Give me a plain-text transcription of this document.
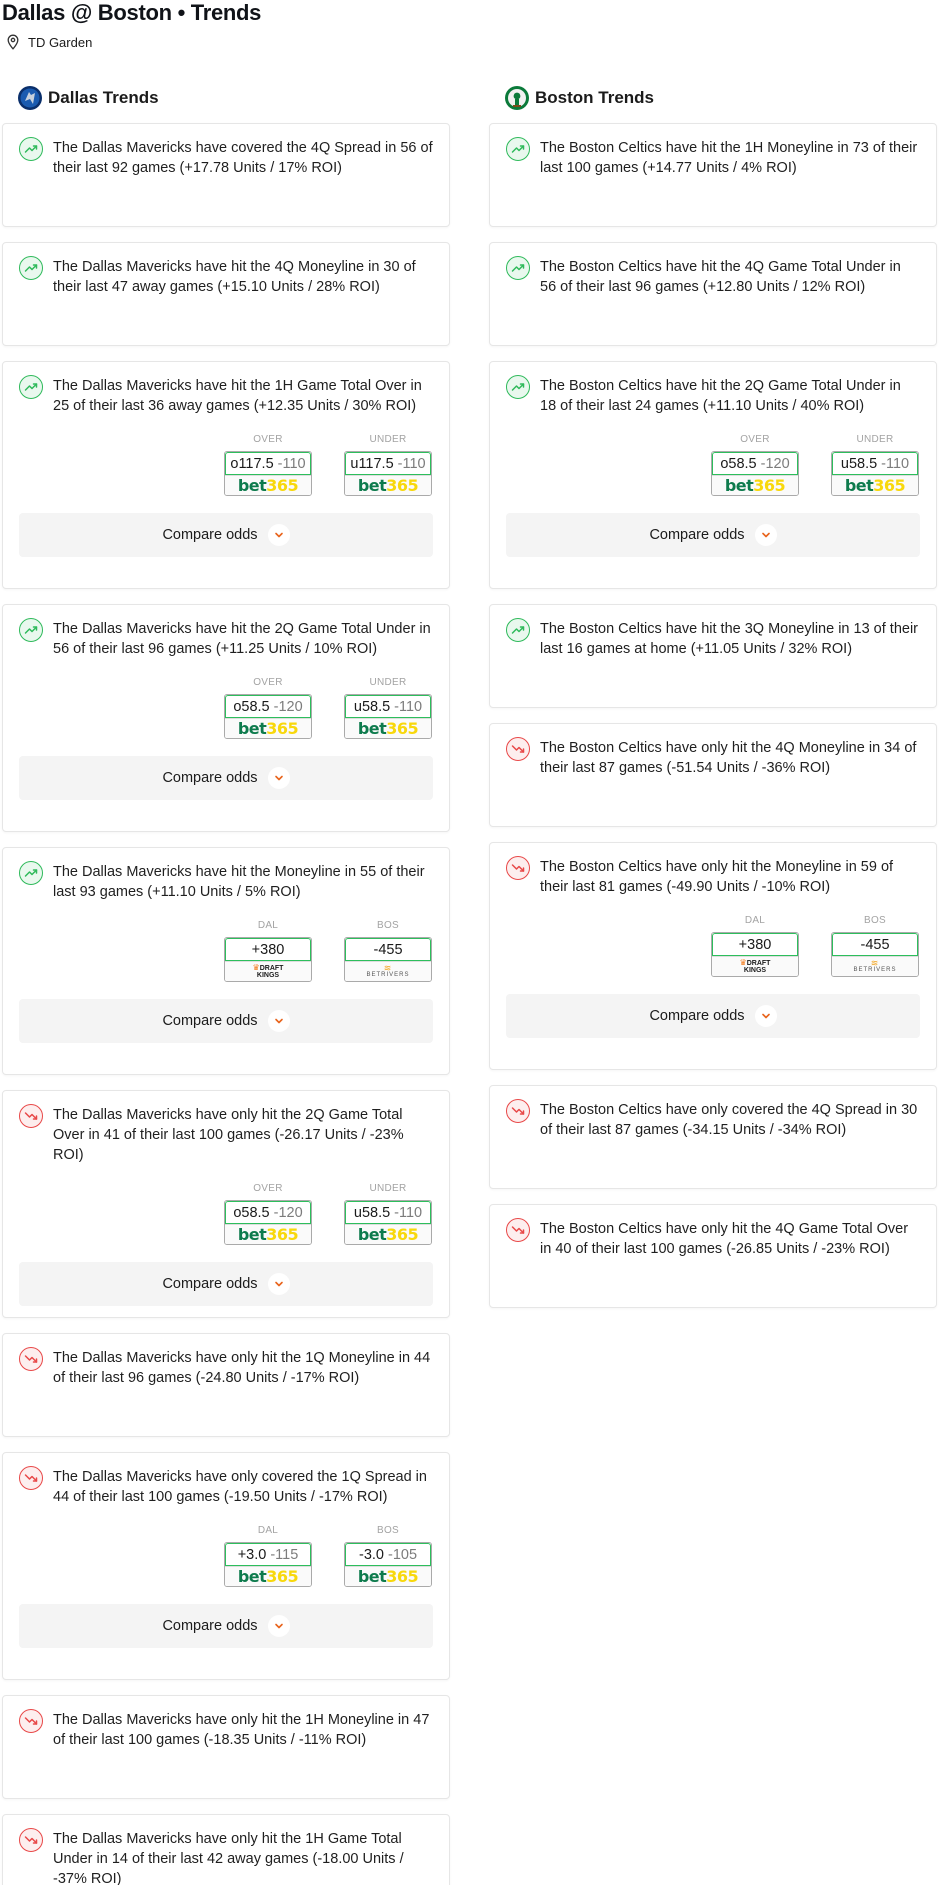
Dallas @ Boston • Trends
TD Garden
Dallas Trends
The Dallas Mavericks have covered the 4Q Spread in 56 of their last 92 games (+17.78 Units / 17% ROI)
The Dallas Mavericks have hit the 4Q Moneyline in 30 of their last 47 away games (+15.10 Units / 28% ROI)
The Dallas Mavericks have hit the 1H Game Total Over in 25 of their last 36 away games (+12.35 Units / 30% ROI)
OVER
o117.5 -110
bet365
UNDER
u117.5 -110
bet365
Compare odds
The Dallas Mavericks have hit the 2Q Game Total Under in 56 of their last 96 games (+11.25 Units / 10% ROI)
OVER
o58.5 -120
bet365
UNDER
u58.5 -110
bet365
Compare odds
The Dallas Mavericks have hit the Moneyline in 55 of their last 93 games (+11.10 Units / 5% ROI)
DAL
+380
♛DRAFT
KINGS
BOS
-455
≋
BETRIVERS
Compare odds
The Dallas Mavericks have only hit the 2Q Game Total Over in 41 of their last 100 games (-26.17 Units / -23% ROI)
OVER
o58.5 -120
bet365
UNDER
u58.5 -110
bet365
Compare odds
The Dallas Mavericks have only hit the 1Q Moneyline in 44 of their last 96 games (-24.80 Units / -17% ROI)
The Dallas Mavericks have only covered the 1Q Spread in 44 of their last 100 games (-19.50 Units / -17% ROI)
DAL
+3.0 -115
bet365
BOS
-3.0 -105
bet365
Compare odds
The Dallas Mavericks have only hit the 1H Moneyline in 47 of their last 100 games (-18.35 Units / -11% ROI)
The Dallas Mavericks have only hit the 1H Game Total Under in 14 of their last 42 away games (-18.00 Units / -37% ROI)
Boston Trends
The Boston Celtics have hit the 1H Moneyline in 73 of their last 100 games (+14.77 Units / 4% ROI)
The Boston Celtics have hit the 4Q Game Total Under in 56 of their last 96 games (+12.80 Units / 12% ROI)
The Boston Celtics have hit the 2Q Game Total Under in 18 of their last 24 games (+11.10 Units / 40% ROI)
OVER
o58.5 -120
bet365
UNDER
u58.5 -110
bet365
Compare odds
The Boston Celtics have hit the 3Q Moneyline in 13 of their last 16 games at home (+11.05 Units / 32% ROI)
The Boston Celtics have only hit the 4Q Moneyline in 34 of their last 87 games (-51.54 Units / -36% ROI)
The Boston Celtics have only hit the Moneyline in 59 of their last 81 games (-49.90 Units / -10% ROI)
DAL
+380
♛DRAFT
KINGS
BOS
-455
≋
BETRIVERS
Compare odds
The Boston Celtics have only covered the 4Q Spread in 30 of their last 87 games (-34.15 Units / -34% ROI)
The Boston Celtics have only hit the 4Q Game Total Over in 40 of their last 100 games (-26.85 Units / -23% ROI)
